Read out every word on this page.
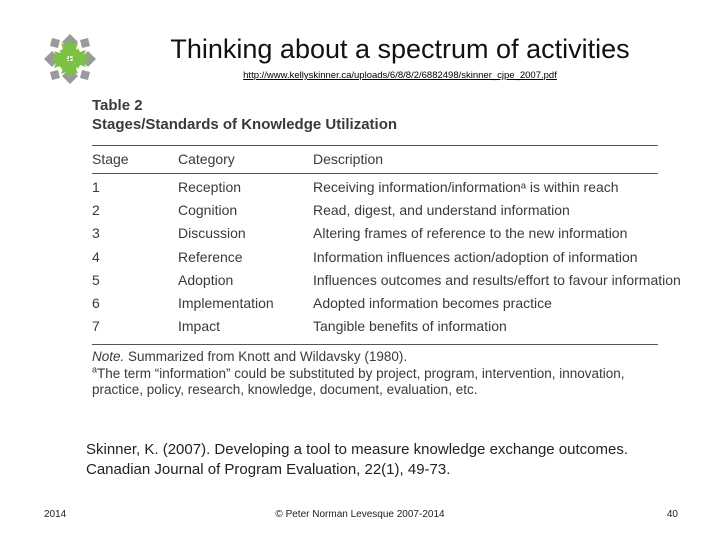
Thinking about a spectrum of activities
http://www.kellyskinner.ca/uploads/6/8/8/2/6882498/skinner_cjpe_2007.pdf
Table 2
Stages/Standards of Knowledge Utilization
Stage	Category	Description
1	Reception	Receiving information/informationᵃ is within reach
2	Cognition	Read, digest, and understand information
3	Discussion	Altering frames of reference to the new information
4	Reference	Information influences action/adoption of information
5	Adoption	Influences outcomes and results/effort to favour information
6	Implementation	Adopted information becomes practice
7	Impact	Tangible benefits of information
Note. Summarized from Knott and Wildavsky (1980).
$^a$The term “information” could be substituted by project, program, intervention, innovation, practice, policy, research, knowledge, document, evaluation, etc.
Skinner, K. (2007). Developing a tool to measure knowledge exchange outcomes.
Canadian Journal of Program Evaluation, 22(1), 49-73.
2014	© Peter Norman Levesque 2007-2014	40
